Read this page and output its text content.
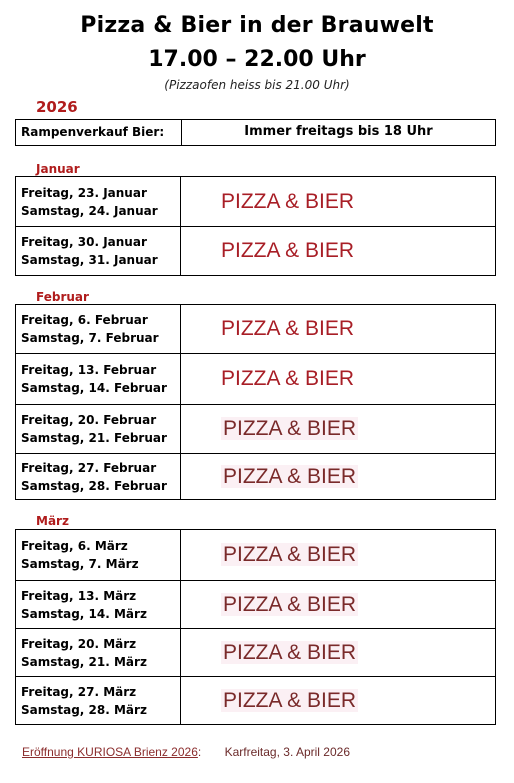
Pizza & Bier in der Brauwelt
17.00 – 22.00 Uhr
(Pizzaofen heiss bis 21.00 Uhr)
2026
Rampenverkauf Bier:	Immer freitags bis 18 Uhr
Januar
Freitag, 23. Januar
Samstag, 24. Januar	PIZZA & BIER

Freitag, 30. Januar
Samstag, 31. Januar	PIZZA & BIER
Februar
Freitag, 6. Februar
Samstag, 7. Februar	PIZZA & BIER

Freitag, 13. Februar
Samstag, 14. Februar	PIZZA & BIER

Freitag, 20. Februar
Samstag, 21. Februar	PIZZA & BIER

Freitag, 27. Februar
Samstag, 28. Februar	PIZZA & BIER
März
Freitag, 6. März
Samstag, 7. März	PIZZA & BIER

Freitag, 13. März
Samstag, 14. März	PIZZA & BIER

Freitag, 20. März
Samstag, 21. März	PIZZA & BIER

Freitag, 27. März
Samstag, 28. März	PIZZA & BIER
Eröffnung KURIOSA Brienz 2026: Karfreitag, 3. April 2026
